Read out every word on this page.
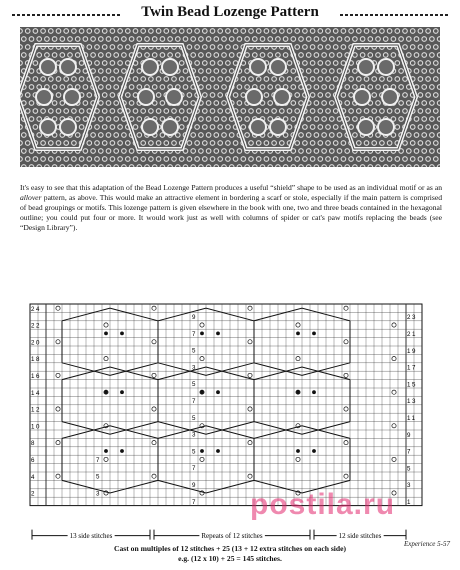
Twin Bead Lozenge Pattern

It's easy to see that this adaptation of the Bead Lozenge Pattern produces a useful “shield” shape to be used as an individual motif or as an allover pattern, as above. This would make an attractive element in bordering a scarf or stole, especially if the main pattern is comprised of bead groupings or motifs. This lozenge pattern is given elsewhere in the book with one, two and three beads contained in the hexagonal outline; you could put four or more. It would work just as well with columns of spider or cat's paw motifs replacing the beads (see “Design Library”).

24
22
20
18
16
14
12
10
8
6
4
2
23
21
19
17
15
13
11
9
7
5
3
1
9
7
5
3
5
7
5
3
5
7
9
7
7
5
3
13 side stitches	Repeats of 12 stitches	12 side stitches
Cast on multiples of 12 stitches + 25 (13 + 12 extra stitches on each side)
e.g. (12 x 10) + 25 = 145 stitches.
Experience 5-57
postila.ru
